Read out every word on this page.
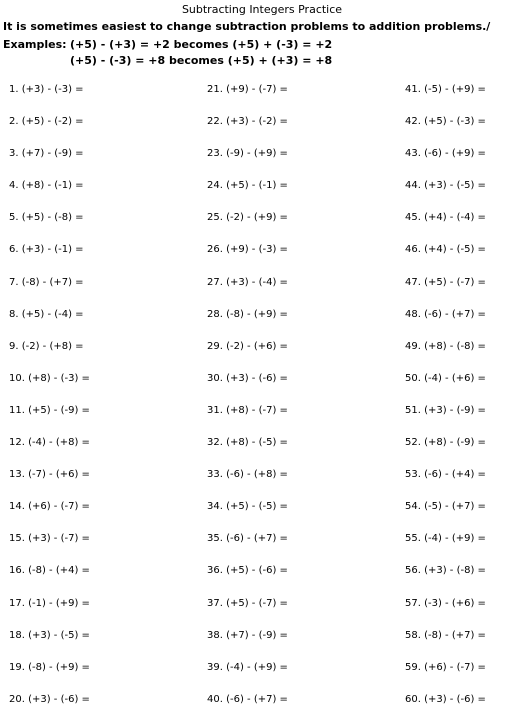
Subtracting Integers Practice
It is sometimes easiest to change subtraction problems to addition problems./
Examples: (+5) - (+3) = +2 becomes (+5) + (-3) = +2
(+5) - (-3) = +8 becomes (+5) + (+3) = +8
1. (+3) - (-3) =
2. (+5) - (-2) =
3. (+7) - (-9) =
4. (+8) - (-1) =
5. (+5) - (-8) =
6. (+3) - (-1) =
7. (-8) - (+7) =
8. (+5) - (-4) =
9. (-2) - (+8) =
10. (+8) - (-3) =
11. (+5) - (-9) =
12. (-4) - (+8) =
13. (-7) - (+6) =
14. (+6) - (-7) =
15. (+3) - (-7) =
16. (-8) - (+4) =
17. (-1) - (+9) =
18. (+3) - (-5) =
19. (-8) - (+9) =
20. (+3) - (-6) =
21. (+9) - (-7) =
22. (+3) - (-2) =
23. (-9) - (+9) =
24. (+5) - (-1) =
25. (-2) - (+9) =
26. (+9) - (-3) =
27. (+3) - (-4) =
28. (-8) - (+9) =
29. (-2) - (+6) =
30. (+3) - (-6) =
31. (+8) - (-7) =
32. (+8) - (-5) =
33. (-6) - (+8) =
34. (+5) - (-5) =
35. (-6) - (+7) =
36. (+5) - (-6) =
37. (+5) - (-7) =
38. (+7) - (-9) =
39. (-4) - (+9) =
40. (-6) - (+7) =
41. (-5) - (+9) =
42. (+5) - (-3) =
43. (-6) - (+9) =
44. (+3) - (-5) =
45. (+4) - (-4) =
46. (+4) - (-5) =
47. (+5) - (-7) =
48. (-6) - (+7) =
49. (+8) - (-8) =
50. (-4) - (+6) =
51. (+3) - (-9) =
52. (+8) - (-9) =
53. (-6) - (+4) =
54. (-5) - (+7) =
55. (-4) - (+9) =
56. (+3) - (-8) =
57. (-3) - (+6) =
58. (-8) - (+7) =
59. (+6) - (-7) =
60. (+3) - (-6) =
